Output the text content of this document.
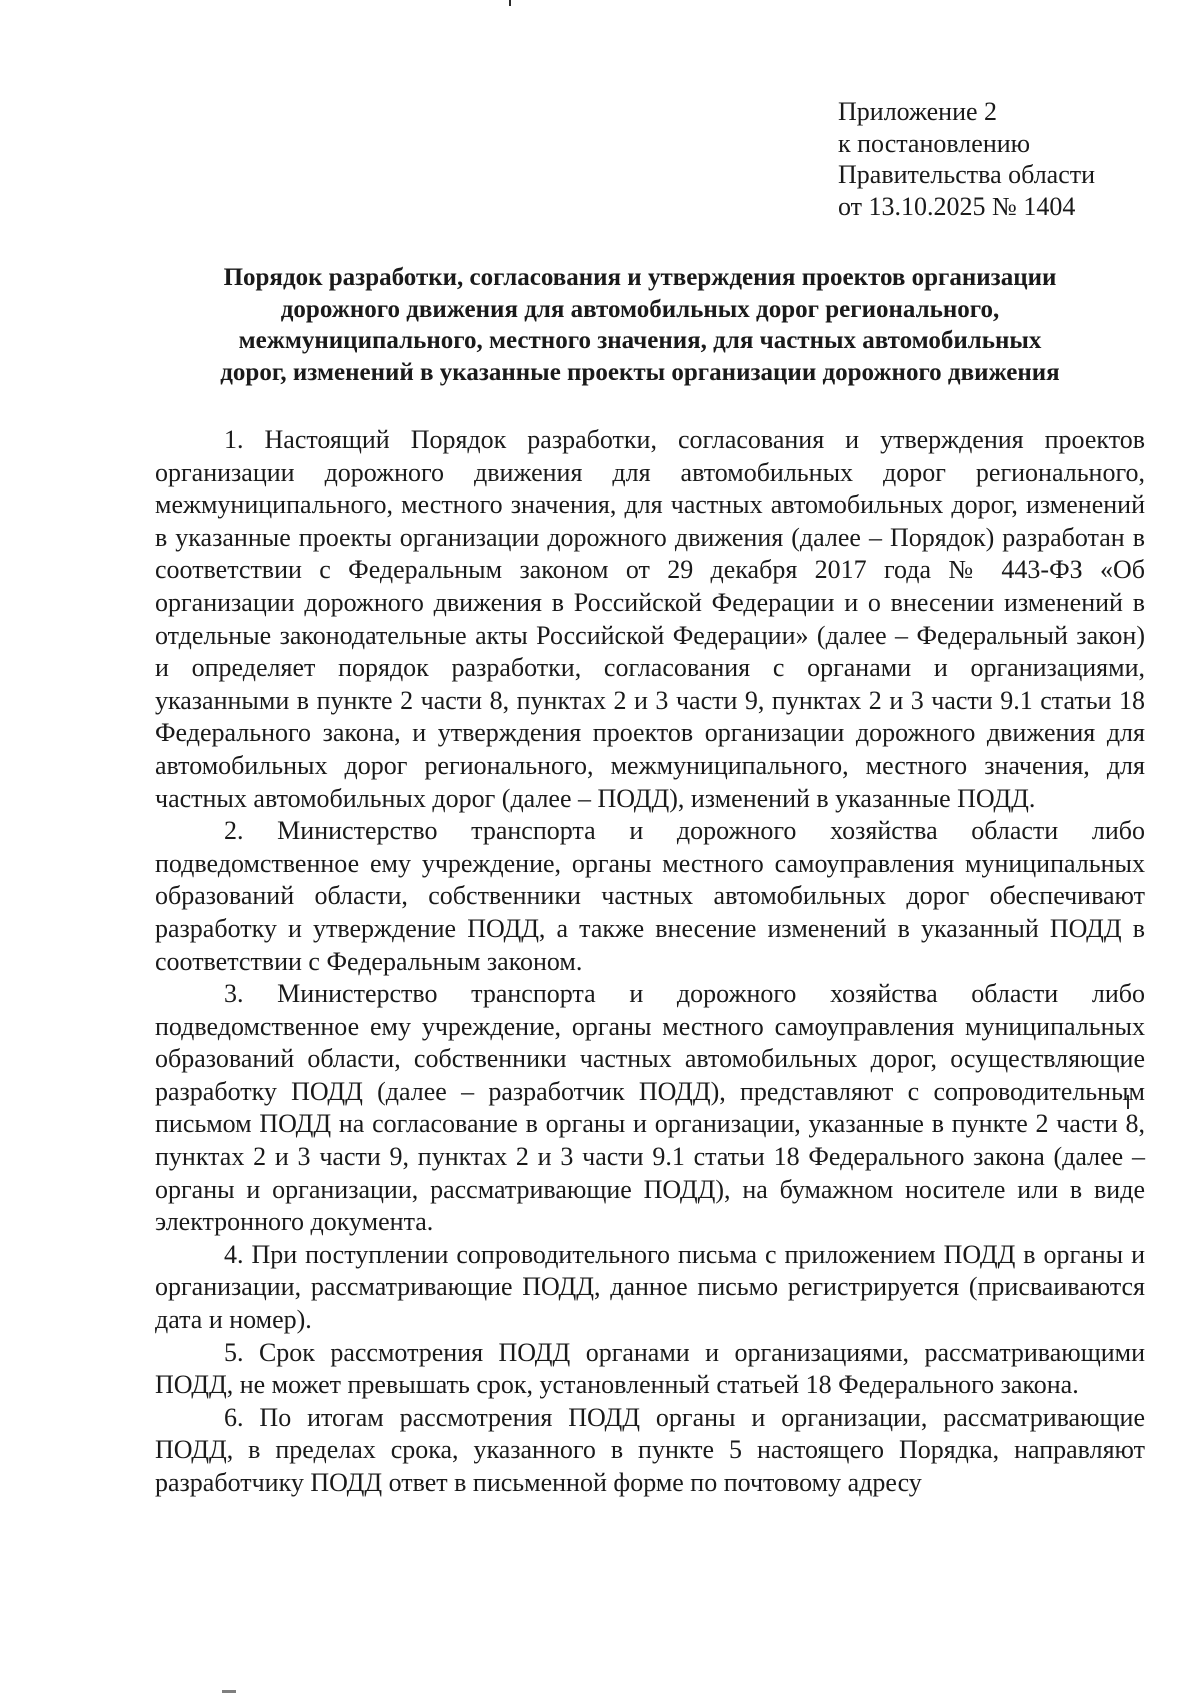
Приложение 2
к постановлению
Правительства области
от 13.10.2025 № 1404
Порядок разработки, согласования и утверждения проектов организации
дорожного движения для автомобильных дорог регионального,
межмуниципального, местного значения, для частных автомобильных
дорог, изменений в указанные проекты организации дорожного движения

1. Настоящий Порядок разработки, согласования и утверждения проектов организации дорожного движения для автомобильных дорог регионального, межмуниципального, местного значения, для частных автомобильных дорог, изменений в указанные проекты организации дорожного движения (далее – Порядок) разработан в соответствии с Федеральным законом от 29 декабря 2017 года № 443-ФЗ «Об организации дорожного движения в Российской Федерации и о внесении изменений в отдельные законодательные акты Российской Федерации» (далее – Федеральный закон) и определяет порядок разработки, согласования с органами и организациями, указанными в пункте 2 части 8, пунктах 2 и 3 части 9, пунктах 2 и 3 части 9.1 статьи 18 Федерального закона, и утверждения проектов организации дорожного движения для автомобильных дорог регионального, межмуниципального, местного значения, для частных автомобильных дорог (далее – ПОДД), изменений в указанные ПОДД.

2. Министерство транспорта и дорожного хозяйства области либо подведомственное ему учреждение, органы местного самоуправления муниципальных образований области, собственники частных автомобильных дорог обеспечивают разработку и утверждение ПОДД, а также внесение изменений в указанный ПОДД в соответствии с Федеральным законом.

3. Министерство транспорта и дорожного хозяйства области либо подведомственное ему учреждение, органы местного самоуправления муниципальных образований области, собственники частных автомобильных дорог, осуществляющие разработку ПОДД (далее – разработчик ПОДД), представляют с сопроводительным письмом ПОДД на согласование в органы и организации, указанные в пункте 2 части 8, пунктах 2 и 3 части 9, пунктах 2 и 3 части 9.1 статьи 18 Федерального закона (далее – органы и организации, рассматривающие ПОДД), на бумажном носителе или в виде электронного документа.

4. При поступлении сопроводительного письма с приложением ПОДД в органы и организации, рассматривающие ПОДД, данное письмо регистрируется (присваиваются дата и номер).

5. Срок рассмотрения ПОДД органами и организациями, рассматривающими ПОДД, не может превышать срок, установленный статьей 18 Федерального закона.

6. По итогам рассмотрения ПОДД органы и организации, рассматривающие ПОДД, в пределах срока, указанного в пункте 5 настоящего Порядка, направляют разработчику ПОДД ответ в письменной форме по почтовому адресу
